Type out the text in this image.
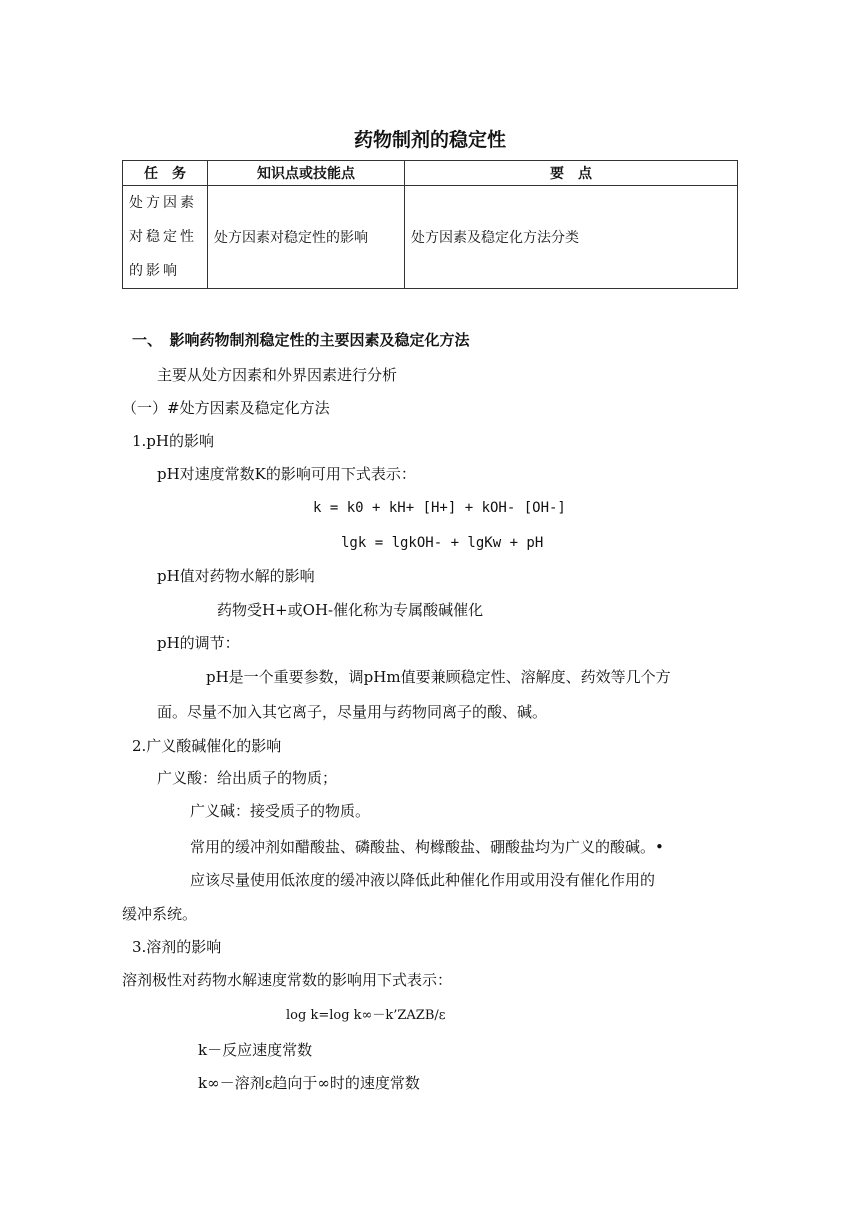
药物制剂的稳定性
任　务	知识点或技能点	要　点

处方因素对稳定性的影响	处方因素对稳定性的影响	处方因素及稳定化方法分类
一、　影响药物制剂稳定性的主要因素及稳定化方法
主要从处方因素和外界因素进行分析
（一）#处方因素及稳定化方法
1.pH的影响
pH对速度常数K的影响可用下式表示：
k = k0 + kH+ [H+] + kOH- [OH-]
lgk = lgkOH- + lgKw + pH
pH值对药物水解的影响
药物受H+或OH-催化称为专属酸碱催化
pH的调节：
pH是一个重要参数，调pHm值要兼顾稳定性、溶解度、药效等几个方
面。尽量不加入其它离子，尽量用与药物同离子的酸、碱。
2.广义酸碱催化的影响
广义酸：给出质子的物质；
广义碱：接受质子的物质。
常用的缓冲剂如醋酸盐、磷酸盐、枸橼酸盐、硼酸盐均为广义的酸碱。•
应该尽量使用低浓度的缓冲液以降低此种催化作用或用没有催化作用的
缓冲系统。
3.溶剂的影响
溶剂极性对药物水解速度常数的影响用下式表示：
log k=log k∞－k’ZAZB/ε
k－反应速度常数
k∞－溶剂ε趋向于∞时的速度常数
